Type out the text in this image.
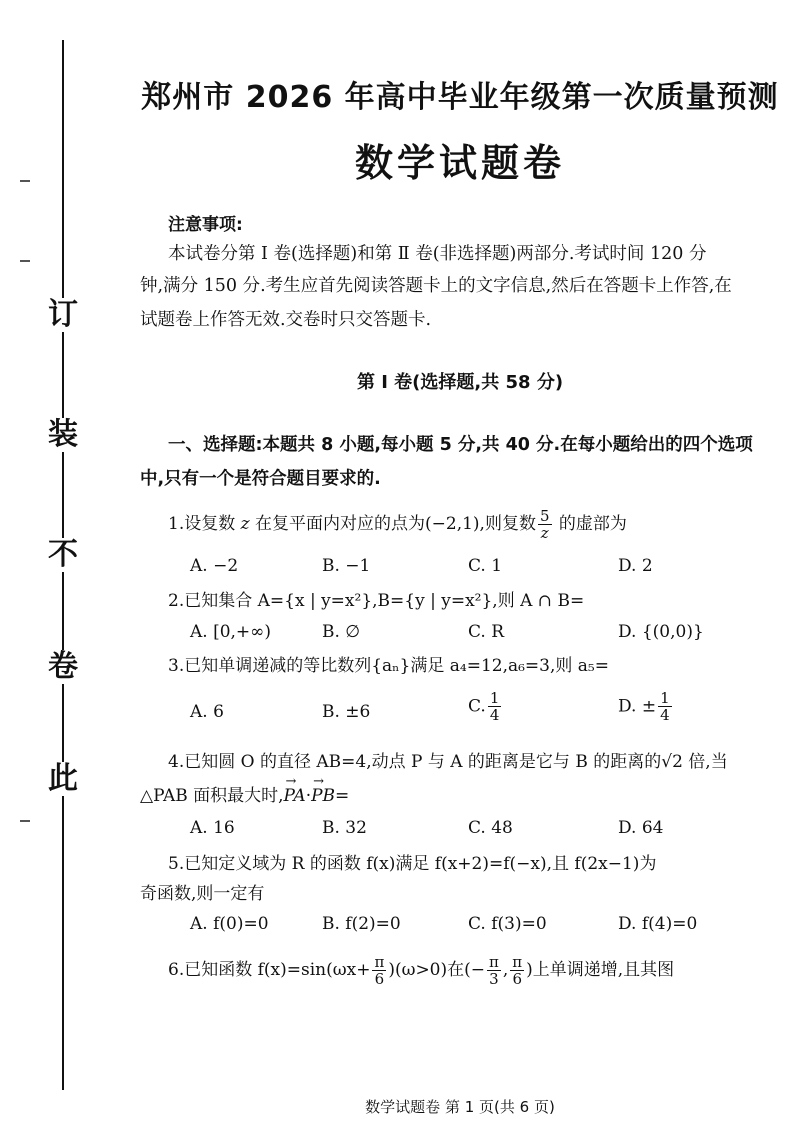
订
装
不
卷
此
郑州市 2026 年高中毕业年级第一次质量预测
数学试题卷
注意事项:
本试卷分第 Ⅰ 卷(选择题)和第 Ⅱ 卷(非选择题)两部分.考试时间 120 分
钟,满分 150 分.考生应首先阅读答题卡上的文字信息,然后在答题卡上作答,在
试题卷上作答无效.交卷时只交答题卡.
第 Ⅰ 卷(选择题,共 58 分)
一、选择题:本题共 8 小题,每小题 5 分,共 40 分.在每小题给出的四个选项
中,只有一个是符合题目要求的.
1.设复数 z 在复平面内对应的点为(−2,1),则复数 $\frac{5}{z}$ 的虚部为
A. −2	B. −1	C. 1	D. 2
2.已知集合 A={x | y=x²},B={y | y=x²},则 A ∩ B=
A. [0,+∞)	B. ∅	C. R	D. {(0,0)}
3.已知单调递减的等比数列{aₙ}满足 a₄=12,a₆=3,则 a₅=
A. 6	B. ±6	C. $\frac{1}{4}$	D. ± $\frac{1}{4}$
4.已知圆 O 的直径 AB=4,动点 P 与 A 的距离是它与 B 的距离的√2 倍,当
△PAB 面积最大时,→ PA·→ PB=
A. 16	B. 32	C. 48	D. 64
5.已知定义域为 R 的函数 f(x)满足 f(x+2)=f(−x),且 f(2x−1)为
奇函数,则一定有
A. f(0)=0	B. f(2)=0	C. f(3)=0	D. f(4)=0
6.已知函数 $f(x)=\sin(\omega x+ \frac{\pi}{6} )(\omega>0)$在(− $\frac{\pi}{3}$ , $\frac{\pi}{6}$ )上单调递增,且其图
数学试题卷 第 1 页(共 6 页)
